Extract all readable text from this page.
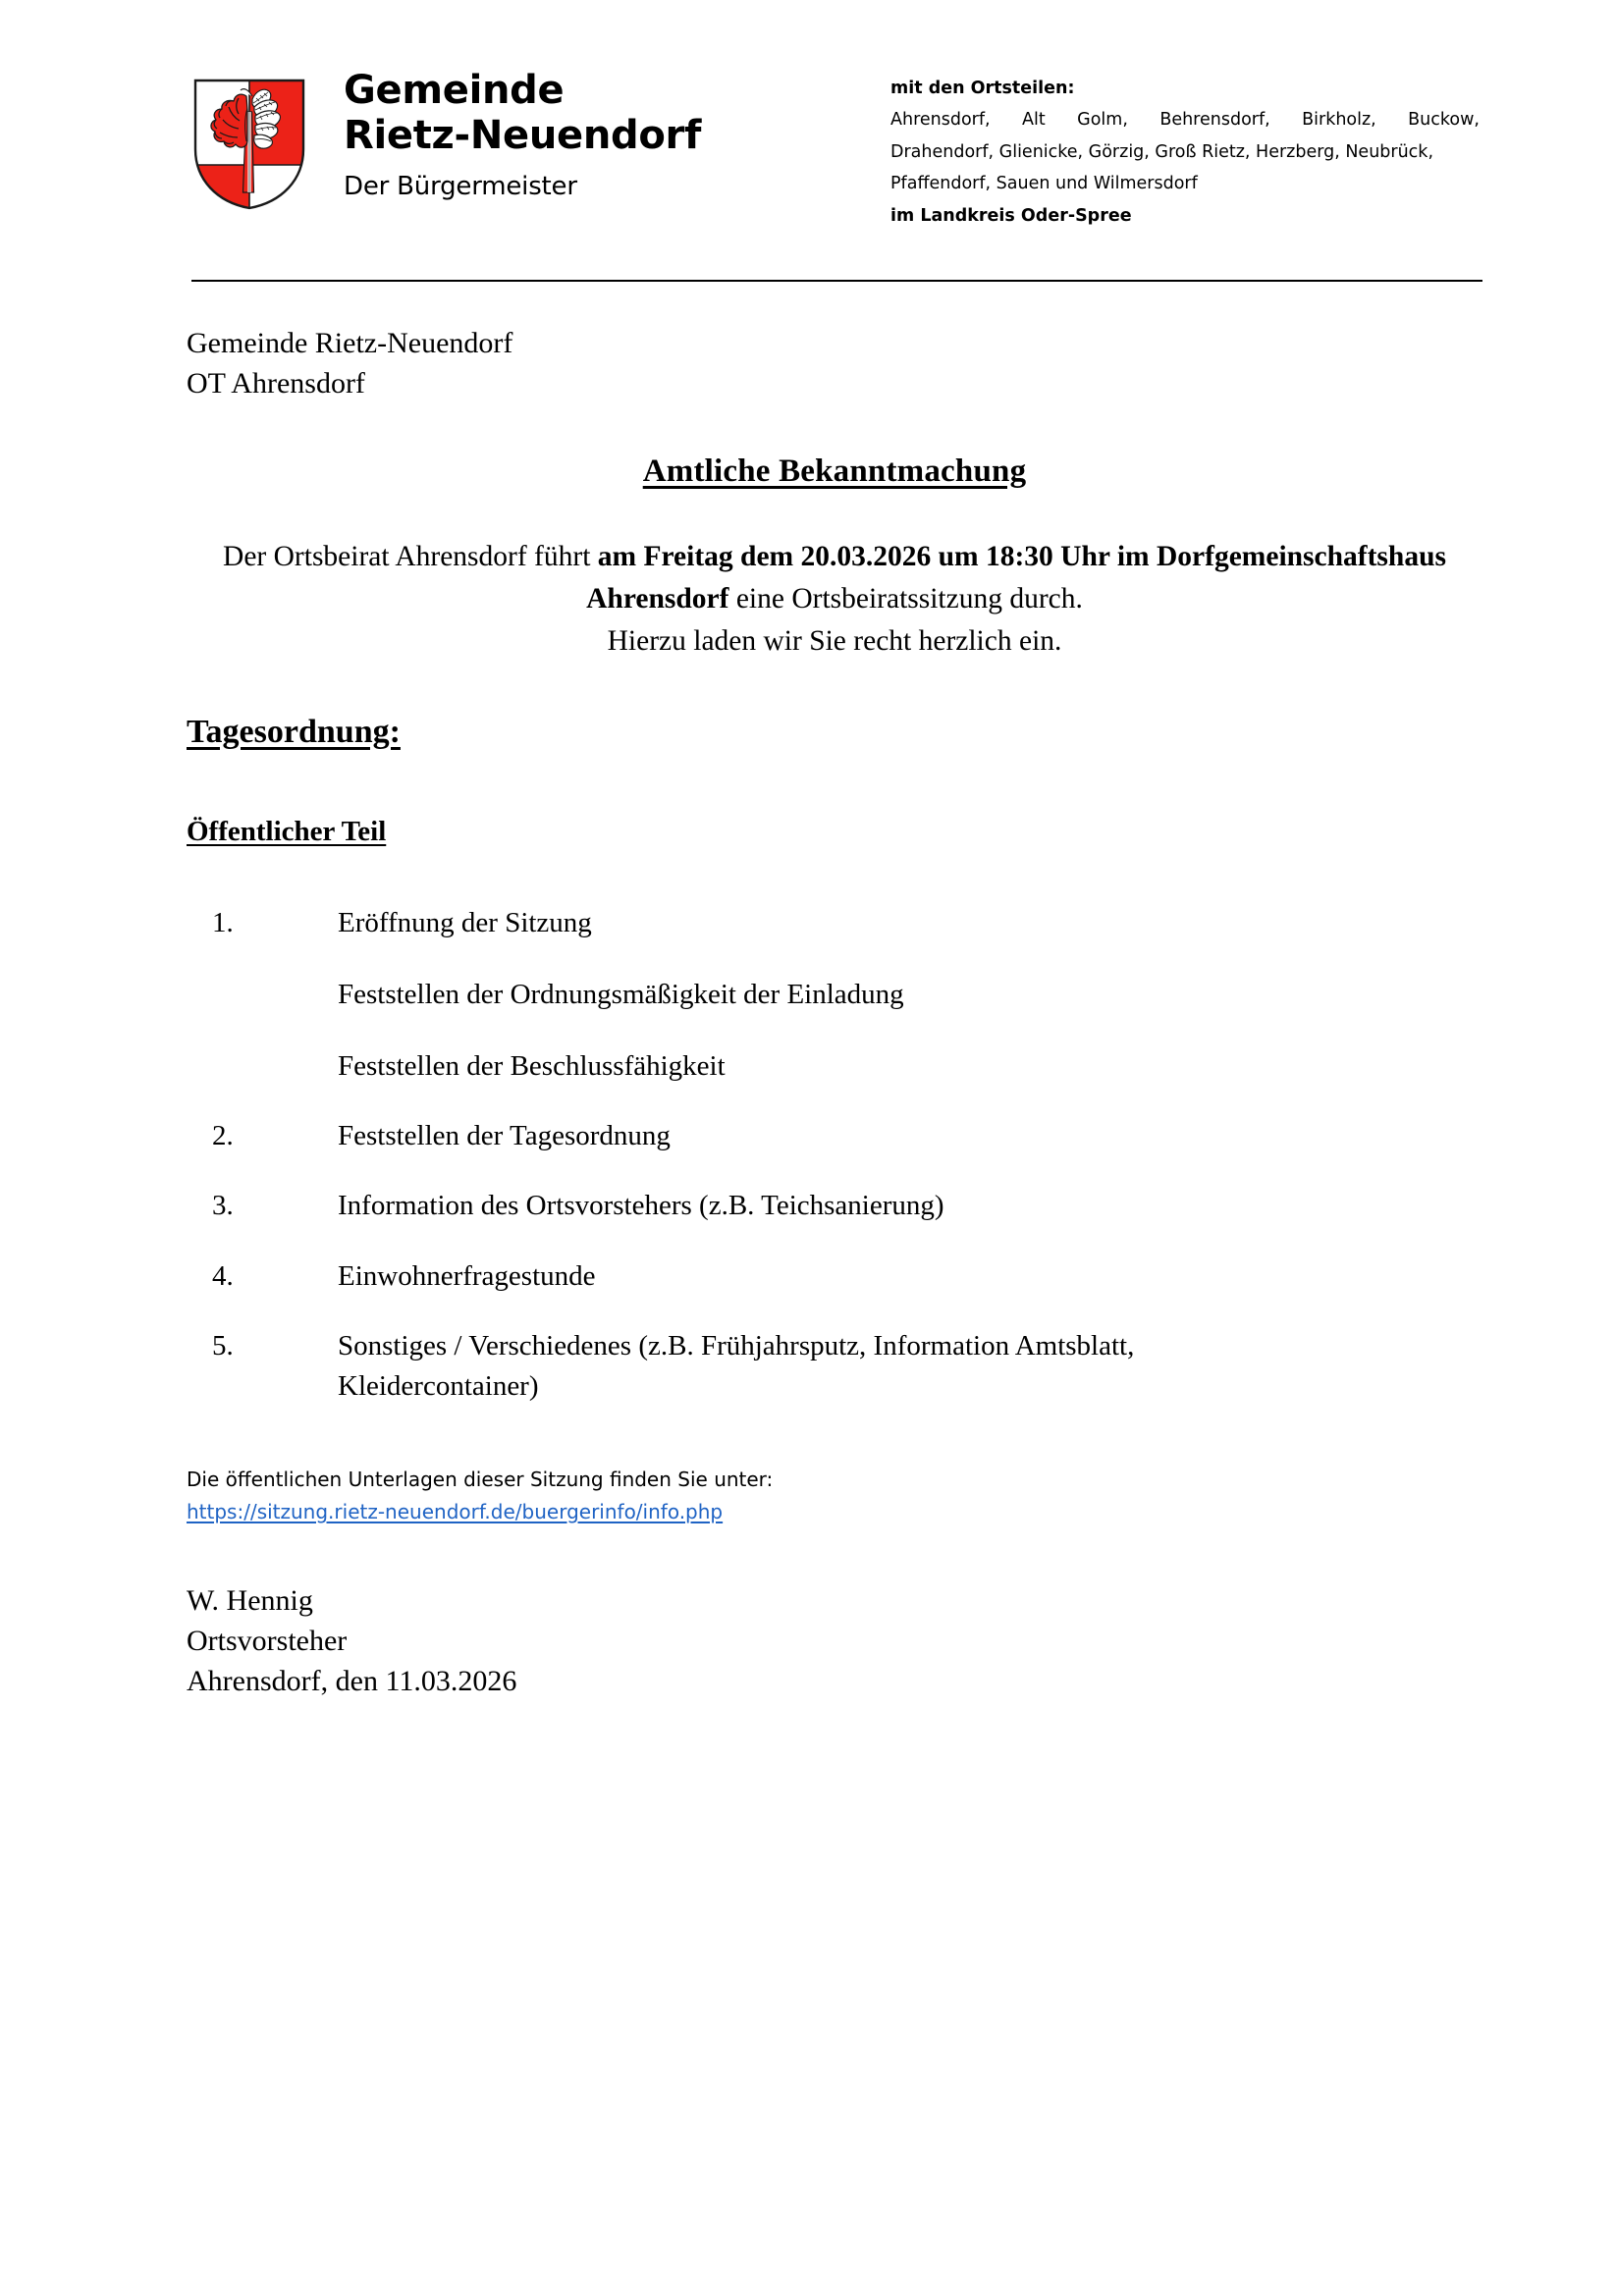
Gemeinde
Rietz-Neuendorf
Der Bürgermeister
mit den Ortsteilen:
Ahrensdorf, Alt Golm, Behrensdorf, Birkholz, Buckow,
Drahendorf, Glienicke, Görzig, Groß Rietz, Herzberg, Neubrück,
Pfaffendorf, Sauen und Wilmersdorf
im Landkreis Oder-Spree
Gemeinde Rietz-Neuendorf
OT Ahrensdorf
Amtliche Bekanntmachung
Der Ortsbeirat Ahrensdorf führt am Freitag dem 20.03.2026 um 18:30 Uhr im Dorfgemeinschaftshaus Ahrensdorf eine Ortsbeiratssitzung durch.
Hierzu laden wir Sie recht herzlich ein.
Tagesordnung:
Öffentlicher Teil
1.	Eröffnung der Sitzung
Feststellen der Ordnungsmäßigkeit der Einladung
Feststellen der Beschlussfähigkeit
2.	Feststellen der Tagesordnung
3.	Information des Ortsvorstehers (z.B. Teichsanierung)
4.	Einwohnerfragestunde
5.	Sonstiges / Verschiedenes (z.B. Frühjahrsputz, Information Amtsblatt, Kleidercontainer)
Die öffentlichen Unterlagen dieser Sitzung finden Sie unter:
https://sitzung.rietz-neuendorf.de/buergerinfo/info.php
W. Hennig
Ortsvorsteher
Ahrensdorf, den 11.03.2026
